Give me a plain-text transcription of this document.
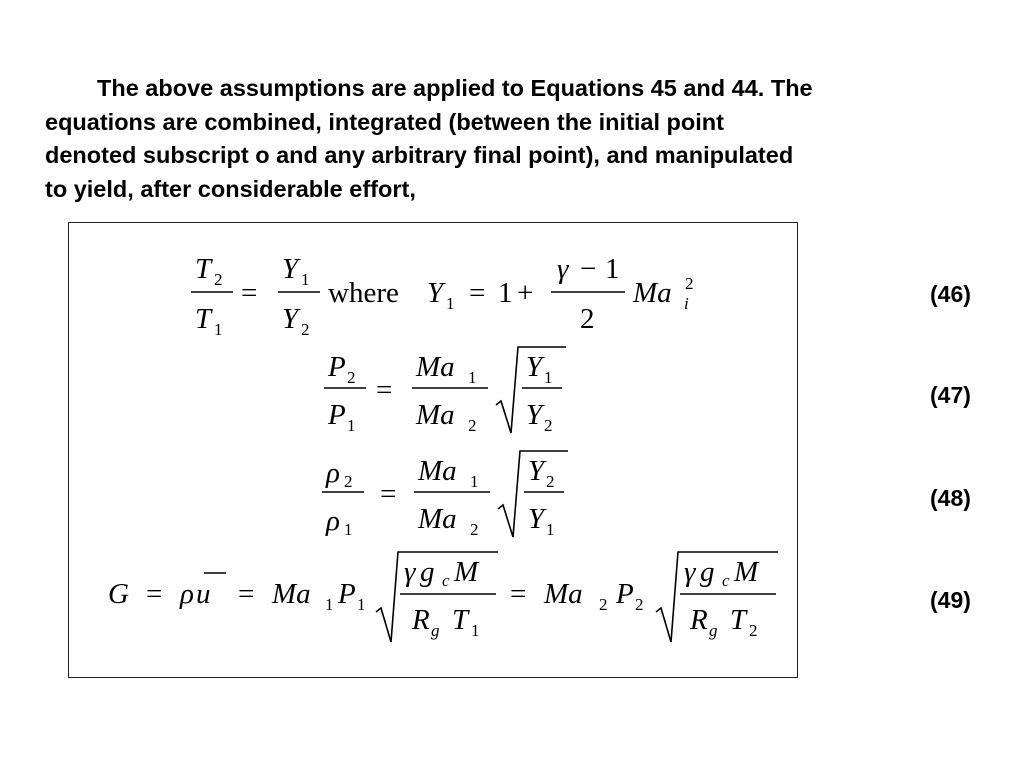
The above assumptions are applied to Equations 45 and 44. The
equations are combined, integrated (between the initial point
denoted subscript o and any arbitrary final point), and manipulated
to yield, after considerable effort,
T
T
Y
Y
Y
γ
Ma
2
1
1
2
1
2
i
= where = 1 +
− 1
2
(46)
P
P
Ma
Ma
Y
Y
2
1
1
2
1
2
=	(47)
ρ
ρ
Ma
Ma
Y
Y
2
1
1
2
2
1
=	(48)
G ρ u Ma P
γ g M
R T
Ma P
γ g M
R T
1 1
c
g 1
2 2
c
g 2
=	=	=	(49)
